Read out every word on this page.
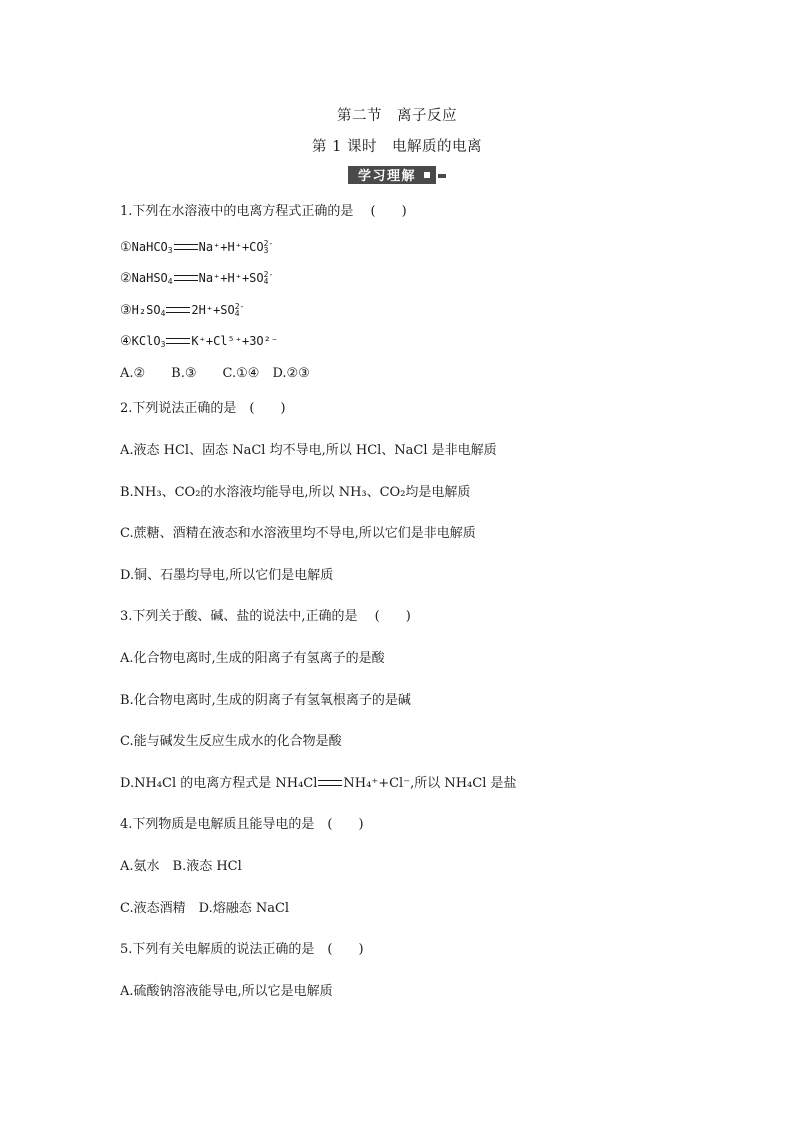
第二节　离子反应
第 1 课时　电解质的电离
学习理解
1.下列在水溶液中的电离方程式正确的是　 (　　)
①NaHCO$_3$ Na⁺+H⁺+CO 2-
3
②NaHSO$_4$ Na⁺+H⁺+SO 2-
4
$③H_2SO_4$ 2H⁺+SO 2-
4
④KClO$_3$ K⁺+Cl⁵⁺+3O²⁻
A.②　　B.③　　C.①④　D.②③
2.下列说法正确的是　(　　)
A.液态 HCl、固态 NaCl 均不导电,所以 HCl、NaCl 是非电解质
B.NH₃、CO₂的水溶液均能导电,所以 NH₃、CO₂均是电解质
C.蔗糖、酒精在液态和水溶液里均不导电,所以它们是非电解质
D.铜、石墨均导电,所以它们是电解质
3.下列关于酸、碱、盐的说法中,正确的是　 (　　)
A.化合物电离时,生成的阳离子有氢离子的是酸
B.化合物电离时,生成的阴离子有氢氧根离子的是碱
C.能与碱发生反应生成水的化合物是酸
D.NH₄Cl 的电离方程式是 NH₄Cl NH₄⁺+Cl⁻,所以 NH₄Cl 是盐
4.下列物质是电解质且能导电的是　(　　)
A.氨水　B.液态 HCl
C.液态酒精　D.熔融态 NaCl
5.下列有关电解质的说法正确的是　(　　)
A.硫酸钠溶液能导电,所以它是电解质
